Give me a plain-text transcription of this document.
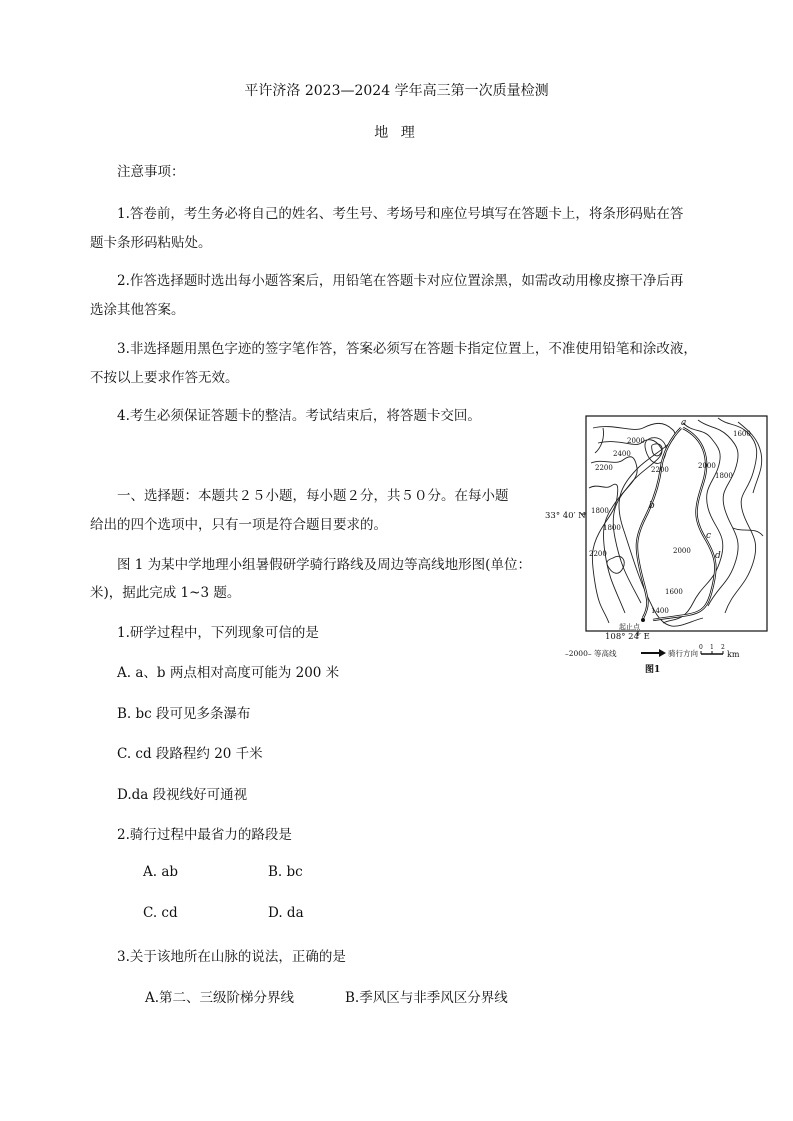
平许济洛 2023—2024 学年高三第一次质量检测
地 理
注意事项：
1.答卷前，考生务必将自己的姓名、考生号、考场号和座位号填写在答题卡上，将条形码贴在答
题卡条形码粘贴处。
2.作答选择题时选出每小题答案后，用铅笔在答题卡对应位置涂黑，如需改动用橡皮擦干净后再
选涂其他答案。
3.非选择题用黑色字迹的签字笔作答，答案必须写在答题卡指定位置上，不准使用铅笔和涂改液，
不按以上要求作答无效。
4.考生必须保证答题卡的整洁。考试结束后，将答题卡交回。
一、选择题：本题共２５小题，每小题２分，共５０分。在每小题
给出的四个选项中，只有一项是符合题目要求的。
图 1 为某中学地理小组暑假研学骑行路线及周边等高线地形图(单位：
米)，据此完成 1~3 题。
1.研学过程中，下列现象可信的是
A. a、b 两点相对高度可能为 200 米
B. bc 段可见多条瀑布
C. cd 段路程约 20 千米
D.da 段视线好可通视
2.骑行过程中最省力的路段是
A. ab	B. bc
C. cd	D. da
3.关于该地所在山脉的说法，正确的是
A.第二、三级阶梯分界线	B.季风区与非季风区分界线
33° 40′ N
108° 24′ E
2000
2400
2200	2200
1800
1600
1800
2000
1800
2200
1600
1400
2000
a
b
c
d
起止点
–2000– 等高线	骑行方向
0 1 2
km
图1
